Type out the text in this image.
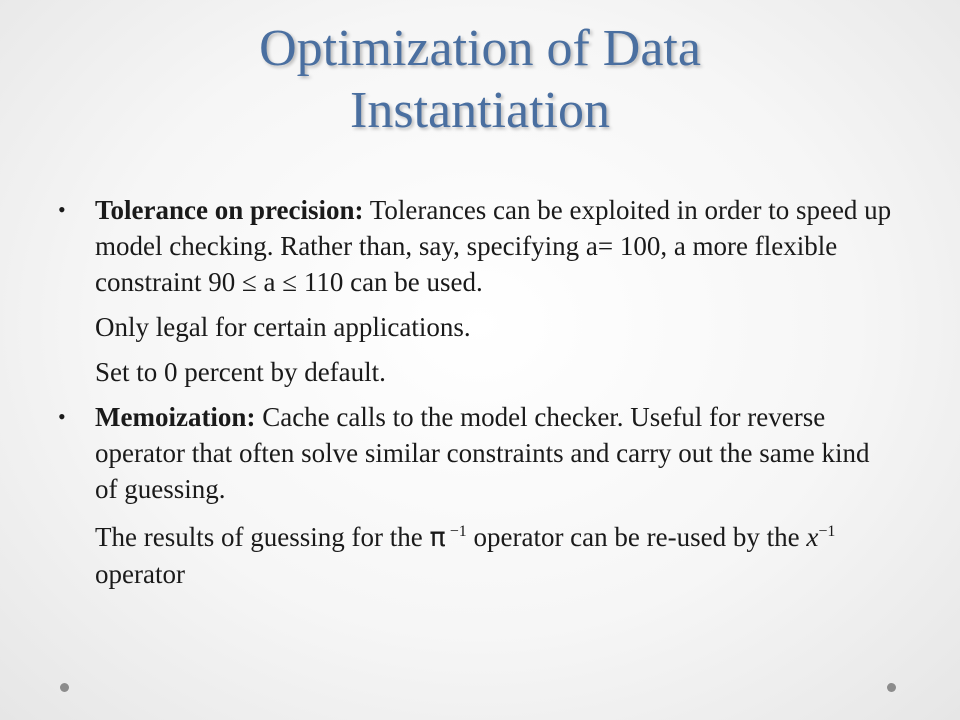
Optimization of Data
Instantiation

• Tolerance on precision: Tolerances can be exploited in order to speed up model checking. Rather than, say, specifying a= 100, a more flexible constraint 90 ≤ a ≤ 110 can be used.

Only legal for certain applications.

Set to 0 percent by default.

• Memoization: Cache calls to the model checker. Useful for reverse operator that often solve similar constraints and carry out the same kind of guessing.

The results of guessing for the π $^{-1}$ operator can be re-used by the $x^{-1}$ operator
